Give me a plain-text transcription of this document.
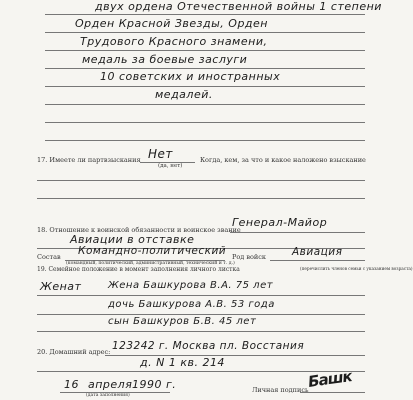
двух ордена Отечественной войны 1 степени
Орден Красной Звезды, Орден
Трудового Красного знамени,
медаль за боевые заслуги
10 советских и иностранных
медалей.
17. Имеете ли партвзыскания Нет
(да, нет)
Когда, кем, за что и какое наложено взыскание
18. Отношение к воинской обязанности и воинское звание
Генерал-Майор
Авиации в отставке
Состав Командно-политический
(командный, политический, административный, технический и т. д.)
Род войск Авиация
19. Семейное положение в момент заполнения личного листка	(перечислить членов семьи с указанием возраста)
Женат	Жена Башкурова В.А. 75 лет
дочь Башкурова А.В. 53 года
сын Башкуров Б.В. 45 лет
20. Домашний адрес: 123242 г. Москва пл. Восстания
д. N 1 кв. 214
16 апреля 1990 г.
(дата заполнения)
Личная подпись
Башк
